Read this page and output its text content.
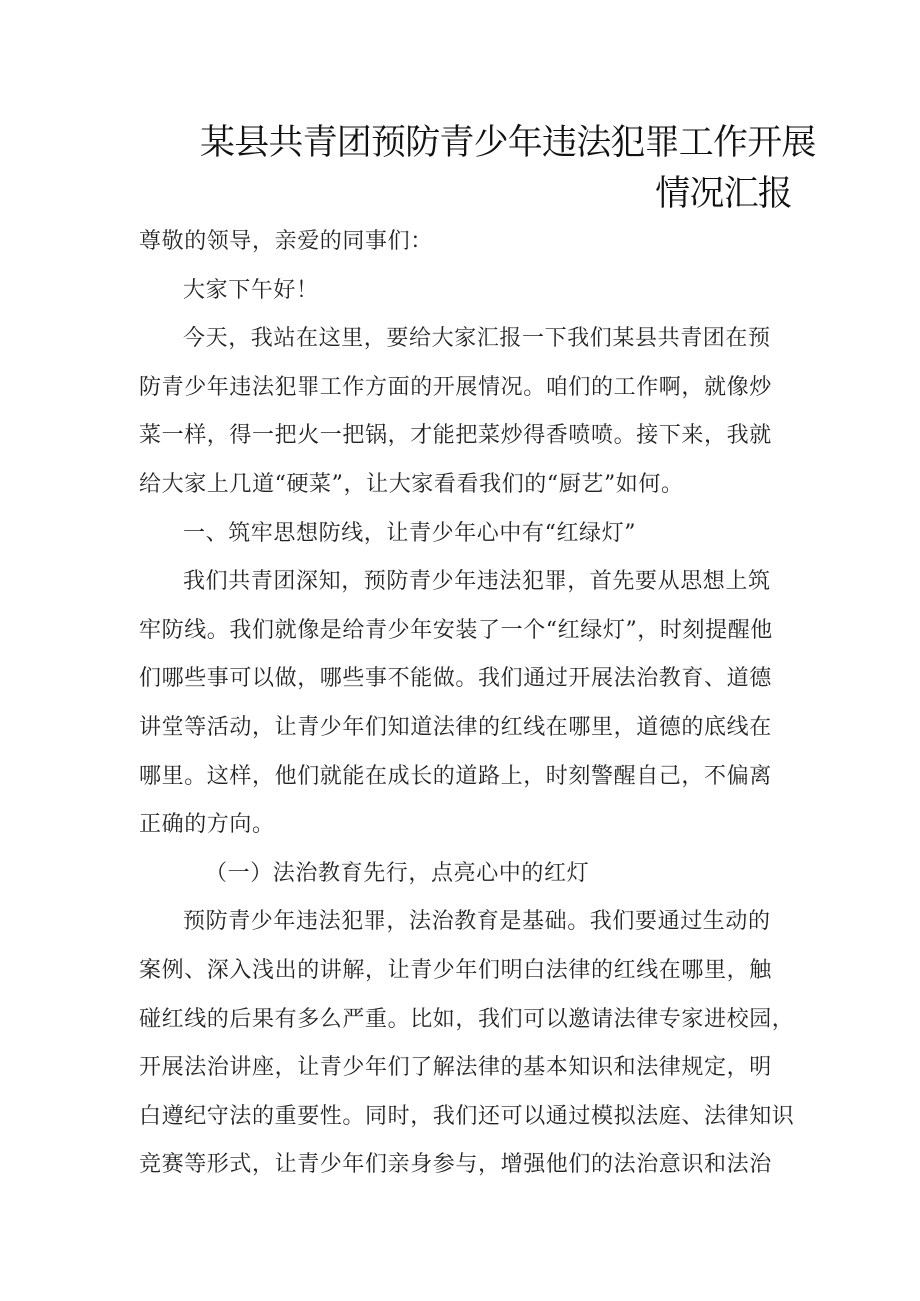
某县共青团预防青少年违法犯罪工作开展
情况汇报
尊敬的领导，亲爱的同事们：
大家下午好！
今天，我站在这里，要给大家汇报一下我们某县共青团在预
防青少年违法犯罪工作方面的开展情况。咱们的工作啊，就像炒
菜一样，得一把火一把锅，才能把菜炒得香喷喷。接下来，我就
给大家上几道“硬菜”，让大家看看我们的“厨艺”如何。
一、筑牢思想防线，让青少年心中有“红绿灯”
我们共青团深知，预防青少年违法犯罪，首先要从思想上筑
牢防线。我们就像是给青少年安装了一个“红绿灯”，时刻提醒他
们哪些事可以做，哪些事不能做。我们通过开展法治教育、道德
讲堂等活动，让青少年们知道法律的红线在哪里，道德的底线在
哪里。这样，他们就能在成长的道路上，时刻警醒自己，不偏离
正确的方向。
（一）法治教育先行，点亮心中的红灯
预防青少年违法犯罪，法治教育是基础。我们要通过生动的
案例、深入浅出的讲解，让青少年们明白法律的红线在哪里，触
碰红线的后果有多么严重。比如，我们可以邀请法律专家进校园，
开展法治讲座，让青少年们了解法律的基本知识和法律规定，明
白遵纪守法的重要性。同时，我们还可以通过模拟法庭、法律知识
竞赛等形式，让青少年们亲身参与，增强他们的法治意识和法治
